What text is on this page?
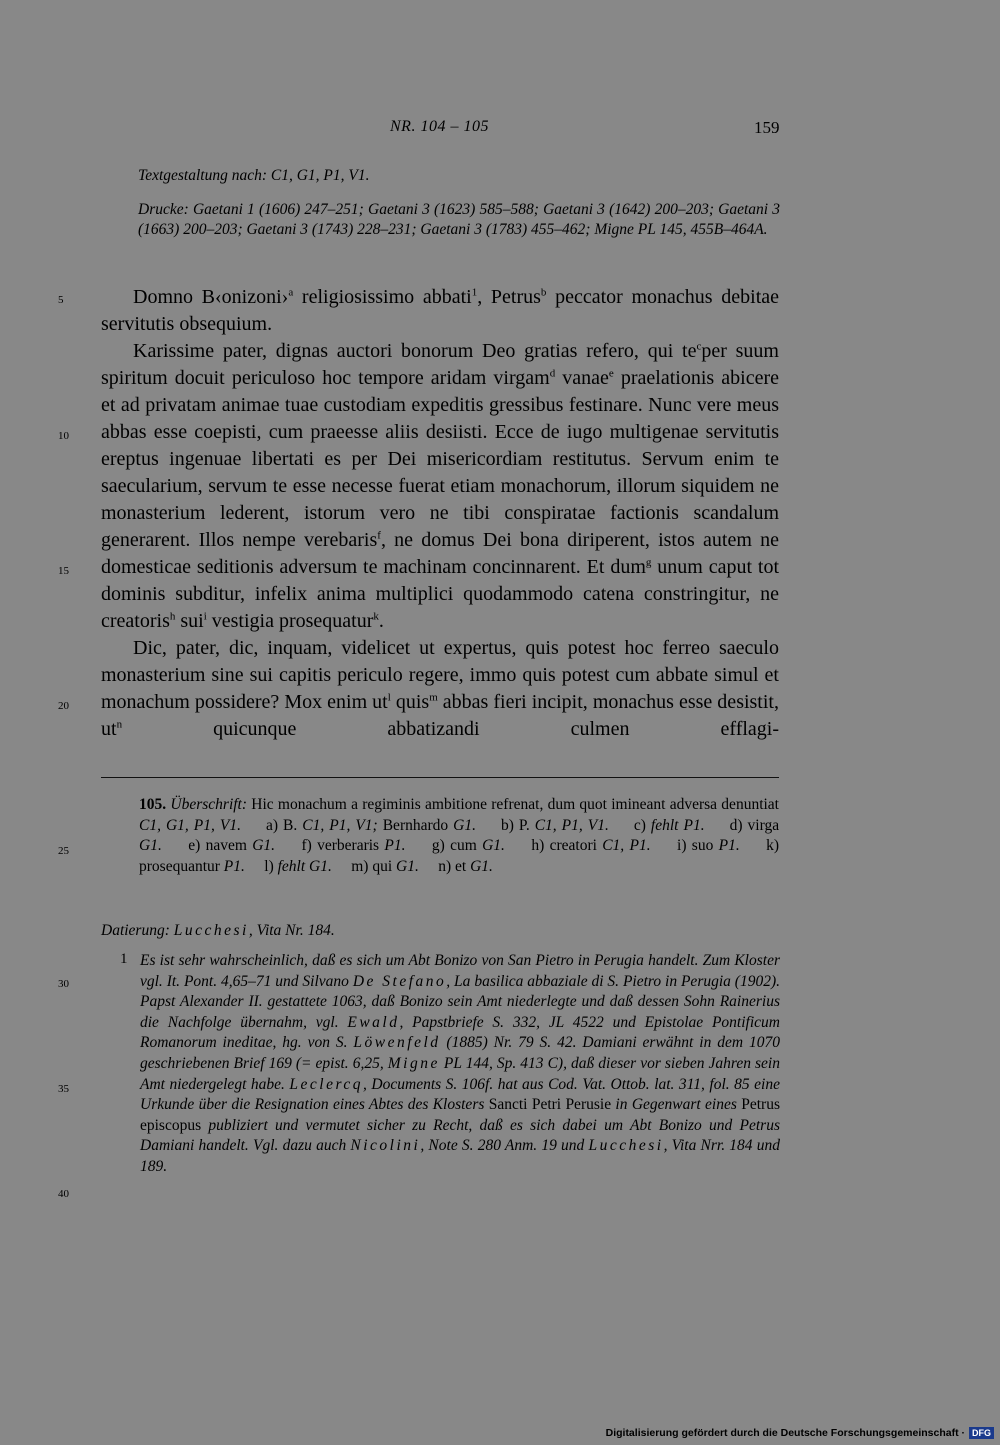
NR. 104 – 105	159
Textgestaltung nach: C1, G1, P1, V1.
Drucke: Gaetani 1 (1606) 247–251; Gaetani 3 (1623) 585–588; Gaetani 3 (1642) 200–203; Gaetani 3 (1663) 200–203; Gaetani 3 (1743) 228–231; Gaetani 3 (1783) 455–462; Migne PL 145, 455B–464A.
5
10
15
20
25
30
35
40

Domno B‹onizoni›$^a$ religiosissimo abbati$^1$, Petrus$^b$ peccator monachus debitae servitutis obsequium.

Karissime pater, dignas auctori bonorum Deo gratias refero, qui $te^cper$ suum spiritum docuit periculoso hoc tempore aridam virgam$^d$ vanae$^e$ praelationis abicere et ad privatam animae tuae custodiam expeditis gressibus festinare. Nunc vere meus abbas esse coepisti, cum praeesse aliis desiisti. Ecce de iugo multigenae servitutis ereptus ingenuae libertati es per Dei misericordiam restitutus. Servum enim te saecularium, servum te esse necesse fuerat etiam monachorum, illorum siquidem ne monasterium lederent, istorum vero ne tibi conspiratae factionis scandalum generarent. Illos nempe verebaris$^f$, ne domus Dei bona diriperent, istos autem ne domesticae seditionis adversum te machinam concinnarent. Et dum$^g$ unum caput tot dominis subditur, infelix anima multiplici quodammodo catena constringitur, ne creatoris$^h$ sui$^i$ vestigia prosequatur$^k$.

Dic, pater, dic, inquam, videlicet ut expertus, quis potest hoc ferreo saeculo monasterium sine sui capitis periculo regere, immo quis potest cum abbate simul et monachum possidere? Mox enim $ut^l$ quis$^m$ abbas fieri incipit, monachus esse desistit, $ut^n$ quicunque abbatizandi culmen efflagi-

105. Überschrift: Hic monachum a regiminis ambitione refrenat, dum quot imineant adversa denuntiat C1, G1, P1, V1. a) B. C1, P1, V1; Bernhardo G1. b) P. C1, P1, V1. c) fehlt P1. d) virga G1. e) navem G1. f) verberaris P1. g) cum G1. h) creatori C1, P1. i) suo P1. k) prosequantur P1. l) fehlt G1. m) qui G1. n) et G1.
Datierung: Lucchesi, Vita Nr. 184.
1 Es ist sehr wahrscheinlich, daß es sich um Abt Bonizo von San Pietro in Perugia handelt. Zum Kloster vgl. It. Pont. 4,65–71 und Silvano De Stefano, La basilica abbaziale di S. Pietro in Perugia (1902). Papst Alexander II. gestattete 1063, daß Bonizo sein Amt niederlegte und daß dessen Sohn Rainerius die Nachfolge übernahm, vgl. Ewald, Papstbriefe S. 332, JL 4522 und Epistolae Pontificum Romanorum ineditae, hg. von S. Löwenfeld (1885) Nr. 79 S. 42. Damiani erwähnt in dem 1070 geschriebenen Brief 169 (= epist. 6,25, Migne PL 144, Sp. 413 C), daß dieser vor sieben Jahren sein Amt niedergelegt habe. Leclercq, Documents S. 106f. hat aus Cod. Vat. Ottob. lat. 311, fol. 85 eine Urkunde über die Resignation eines Abtes des Klosters Sancti Petri Perusie in Gegenwart eines Petrus episcopus publiziert und vermutet sicher zu Recht, daß es sich dabei um Abt Bonizo und Petrus Damiani handelt. Vgl. dazu auch Nicolini, Note S. 280 Anm. 19 und Lucchesi, Vita Nrr. 184 und 189.
Digitalisierung gefördert durch die Deutsche Forschungsgemeinschaft · DFG
